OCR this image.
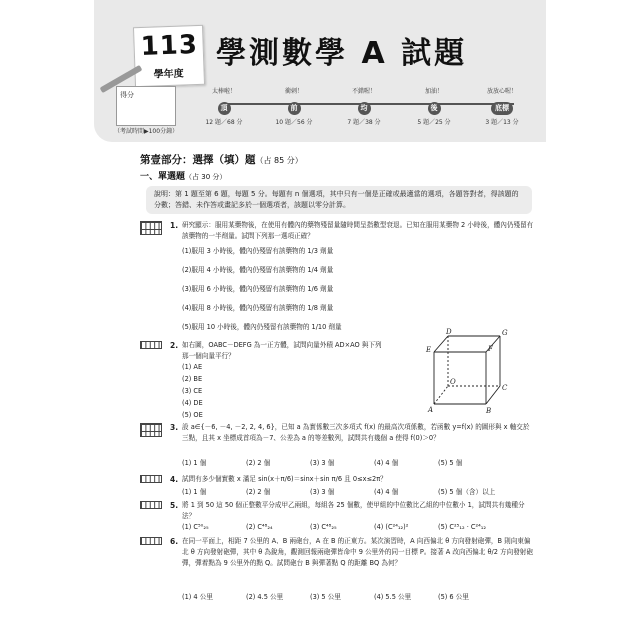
113
學年度
學測數學 A 試題
得分
（考試時間▶100分鐘）
太棒啦！
頂
12 題／68 分
衝刺！
前
10 題／56 分
不錯喔！
均
7 題／38 分
加油！
後
5 題／25 分
放放心喔！
底標
3 題／13 分
第壹部分：選擇（填）題（占 85 分）
一、單選題（占 30 分）
說明：第 1 題至第 6 題，每題 5 分。每題有 n 個選項，其中只有一個是正確或最適當的選項，各題答對者，得該題的分數；答錯、未作答或畫記多於一個選項者，該題以零分計算。
1. 研究顯示：服用某藥物後，在使用有體內的藥物殘留量隨時間呈指數型衰退。已知在服用某藥物 2 小時後，體內仍殘留有該藥物的一半劑量。試問下列那一選項正確？
(1)服用 3 小時後，體內仍殘留有該藥物的 1/3 劑量
(2)服用 4 小時後，體內仍殘留有該藥物的 1/4 劑量
(3)服用 6 小時後，體內仍殘留有該藥物的 1/6 劑量
(4)服用 8 小時後，體內仍殘留有該藥物的 1/8 劑量
(5)服用 10 小時後，體內仍殘留有該藥物的 1/10 劑量
2. 如右圖，OABC－DEFG 為一正方體，試問向量外積 AD×AO 與下列那一個向量平行？
(1) AE
(2) BE
(3) CE
(4) DE
(5) OE
3. 設 a∈{－6, －4, －2, 2, 4, 6}，已知 a 為實係數三次多項式 f(x) 的最高次項係數，若函數 y=f(x) 的圖形與 x 軸交於三點，且其 x 坐標成首項為－7、公差為 a 的等差數列，試問共有幾個 a 使得 f(0)＞0？
(1) 1 個	(2) 2 個	(3) 3 個	(4) 4 個	(5) 5 個
4. 試問有多少個實數 x 滿足 sin(x＋π/6)＝sinx＋sin π/6 且 0≤x≤2π？
(1) 1 個	(2) 2 個	(3) 3 個	(4) 4 個	(5) 5 個（含）以上
5. 將 1 到 50 這 50 個正整數平分成甲乙兩組，每組各 25 個數，使甲組的中位數比乙組的中位數小 1，試問共有幾種分法？
(1) C⁵⁰₂₅	(2) C⁴⁸₂₄	(3) C⁴⁸₂₅	(4) (C²⁴₁₂)²	(5) C²⁵₁₂ · C²⁴₁₂
6. 在同一平面上，相距 7 公里的 A、B 兩砲台，A 在 B 的正東方。某次演習時，A 向西偏北 θ 方向發射砲彈，B 則向東偏北 θ 方向發射砲彈，其中 θ 為銳角，觀測回報兩砲彈皆命中 9 公里外的同一目標 P。接著 A 改向西偏北 θ/2 方向發射砲彈，彈着點為 9 公里外的點 Q。試問砲台 B 與彈著點 Q 的距離 BQ 為何？
(1) 4 公里	(2) 4.5 公里	(3) 5 公里	(4) 5.5 公里	(5) 6 公里
D	G
E	F
O
C
A	B
